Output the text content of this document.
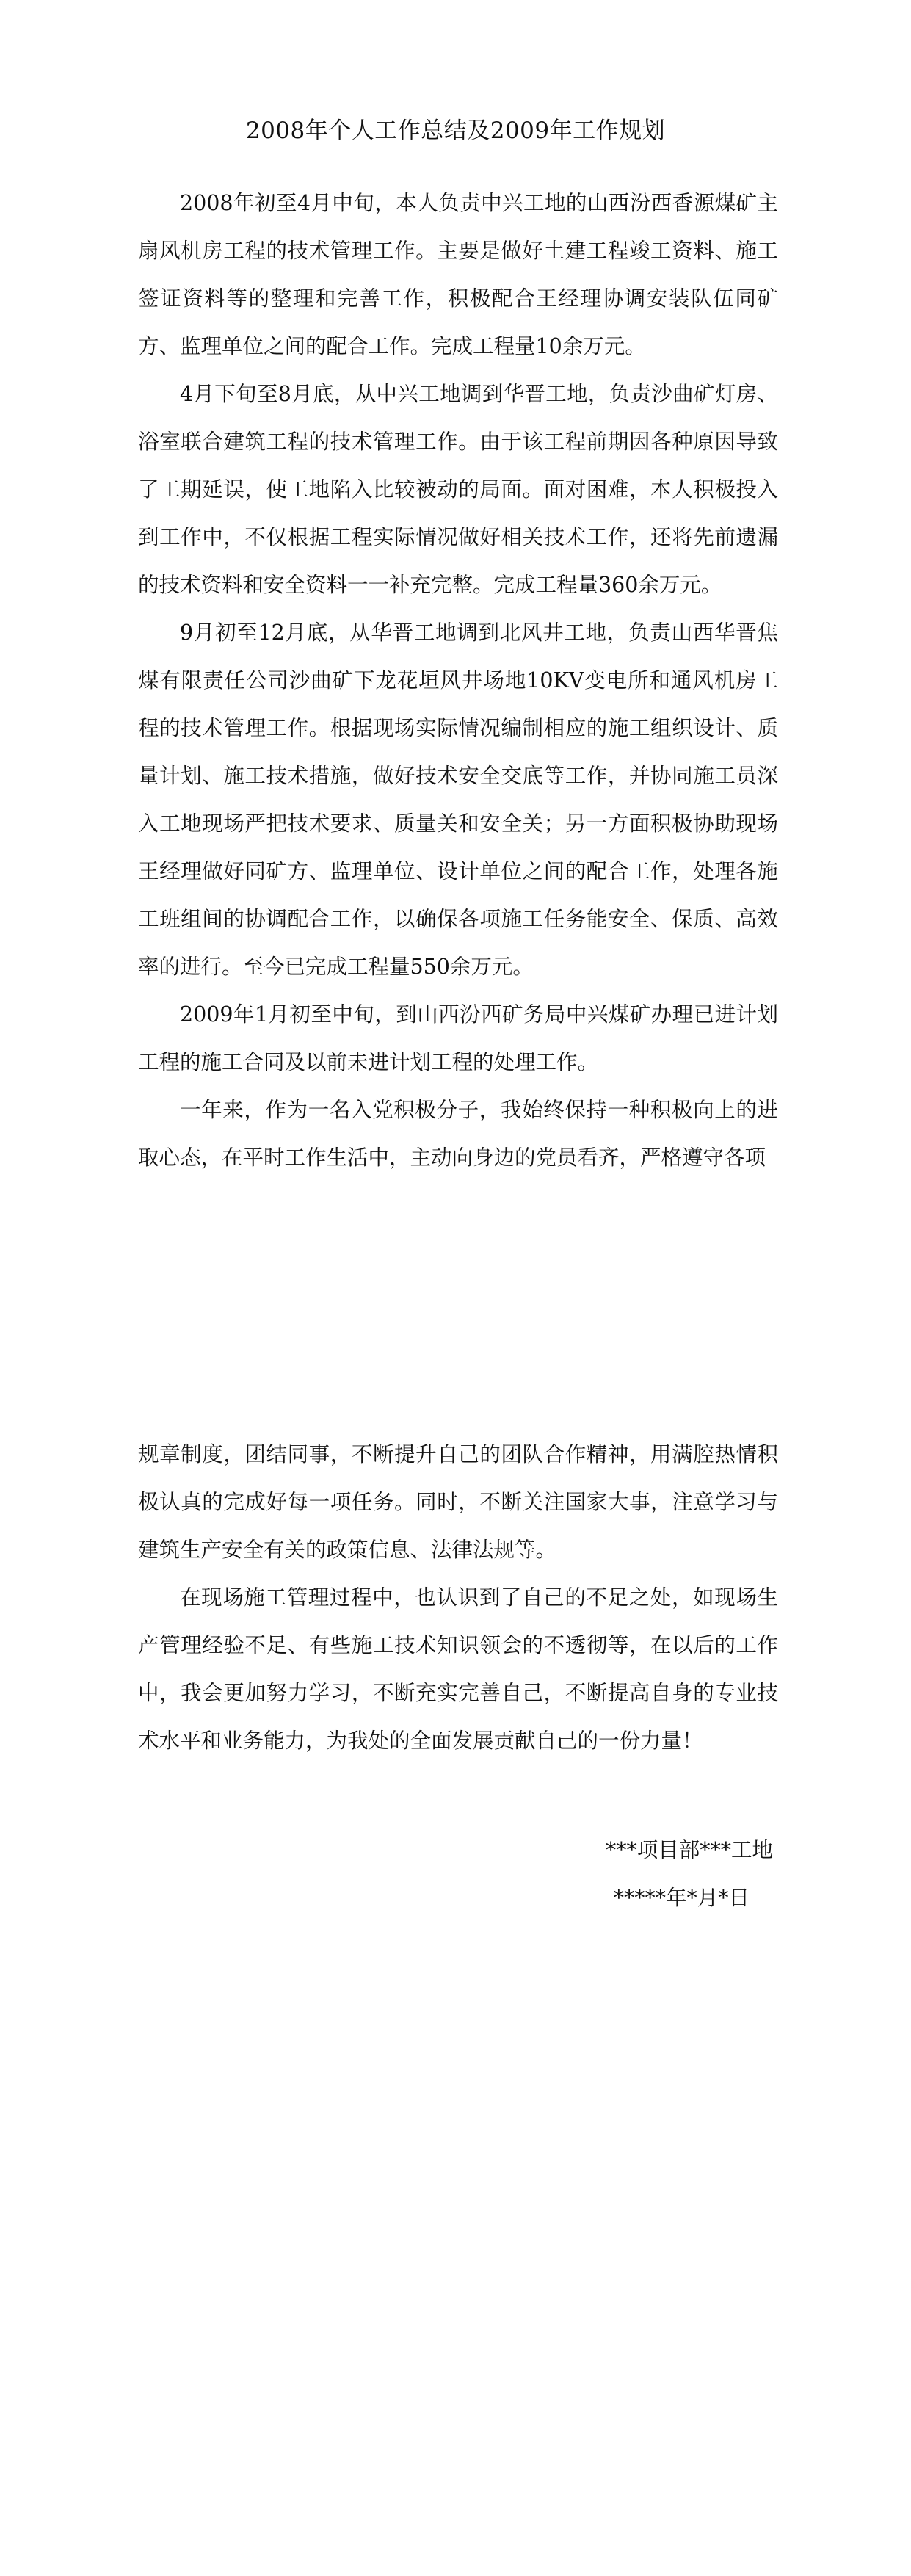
2008年个人工作总结及2009年工作规划

2008年初至4月中旬，本人负责中兴工地的山西汾西香源煤矿主扇风机房工程的技术管理工作。主要是做好土建工程竣工资料、施工签证资料等的整理和完善工作，积极配合王经理协调安装队伍同矿方、监理单位之间的配合工作。完成工程量10余万元。

4月下旬至8月底，从中兴工地调到华晋工地，负责沙曲矿灯房、浴室联合建筑工程的技术管理工作。由于该工程前期因各种原因导致了工期延误，使工地陷入比较被动的局面。面对困难，本人积极投入到工作中，不仅根据工程实际情况做好相关技术工作，还将先前遗漏的技术资料和安全资料一一补充完整。完成工程量360余万元。

9月初至12月底，从华晋工地调到北风井工地，负责山西华晋焦煤有限责任公司沙曲矿下龙花垣风井场地10KV变电所和通风机房工程的技术管理工作。根据现场实际情况编制相应的施工组织设计、质量计划、施工技术措施，做好技术安全交底等工作，并协同施工员深入工地现场严把技术要求、质量关和安全关；另一方面积极协助现场王经理做好同矿方、监理单位、设计单位之间的配合工作，处理各施工班组间的协调配合工作，以确保各项施工任务能安全、保质、高效率的进行。至今已完成工程量550余万元。

2009年1月初至中旬，到山西汾西矿务局中兴煤矿办理已进计划工程的施工合同及以前未进计划工程的处理工作。

一年来，作为一名入党积极分子，我始终保持一种积极向上的进取心态，在平时工作生活中，主动向身边的党员看齐，严格遵守各项

规章制度，团结同事，不断提升自己的团队合作精神，用满腔热情积极认真的完成好每一项任务。同时，不断关注国家大事，注意学习与建筑生产安全有关的政策信息、法律法规等。

在现场施工管理过程中，也认识到了自己的不足之处，如现场生产管理经验不足、有些施工技术知识领会的不透彻等，在以后的工作中，我会更加努力学习，不断充实完善自己，不断提高自身的专业技术水平和业务能力，为我处的全面发展贡献自己的一份力量！

***项目部***工地
*****年*月*日
